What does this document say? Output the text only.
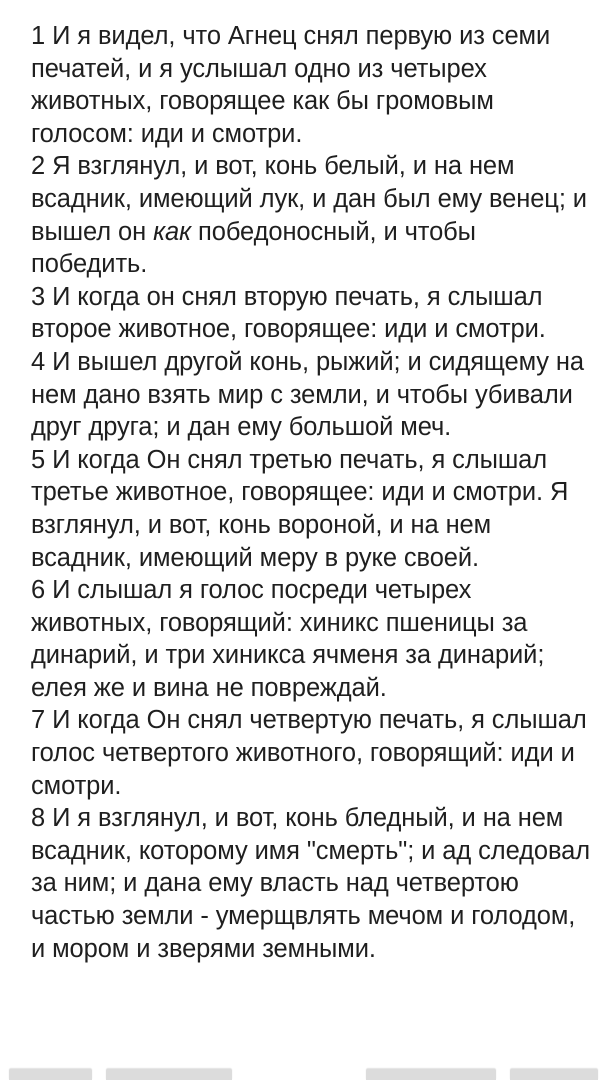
1 И я видел, что Агнец снял первую из семи печатей, и я услышал одно из четырех животных, говорящее как бы громовым голосом: иди и смотри.

2 Я взглянул, и вот, конь белый, и на нем всадник, имеющий лук, и дан был ему венец; и вышел он как победоносный, и чтобы победить.

3 И когда он снял вторую печать, я слышал второе животное, говорящее: иди и смотри.

4 И вышел другой конь, рыжий; и сидящему на нем дано взять мир с земли, и чтобы убивали друг друга; и дан ему большой меч.

5 И когда Он снял третью печать, я слышал третье животное, говорящее: иди и смотри. Я взглянул, и вот, конь вороной, и на нем всадник, имеющий меру в руке своей.

6 И слышал я голос посреди четырех животных, говорящий: хиникс пшеницы за динарий, и три хиникса ячменя за динарий; елея же и вина не повреждай.

7 И когда Он снял четвертую печать, я слышал голос четвертого животного, говорящий: иди и смотри.

8 И я взглянул, и вот, конь бледный, и на нем всадник, которому имя "смерть"; и ад следовал за ним; и дана ему власть над четвертою частью земли - умерщвлять мечом и голодом, и мором и зверями земными.
